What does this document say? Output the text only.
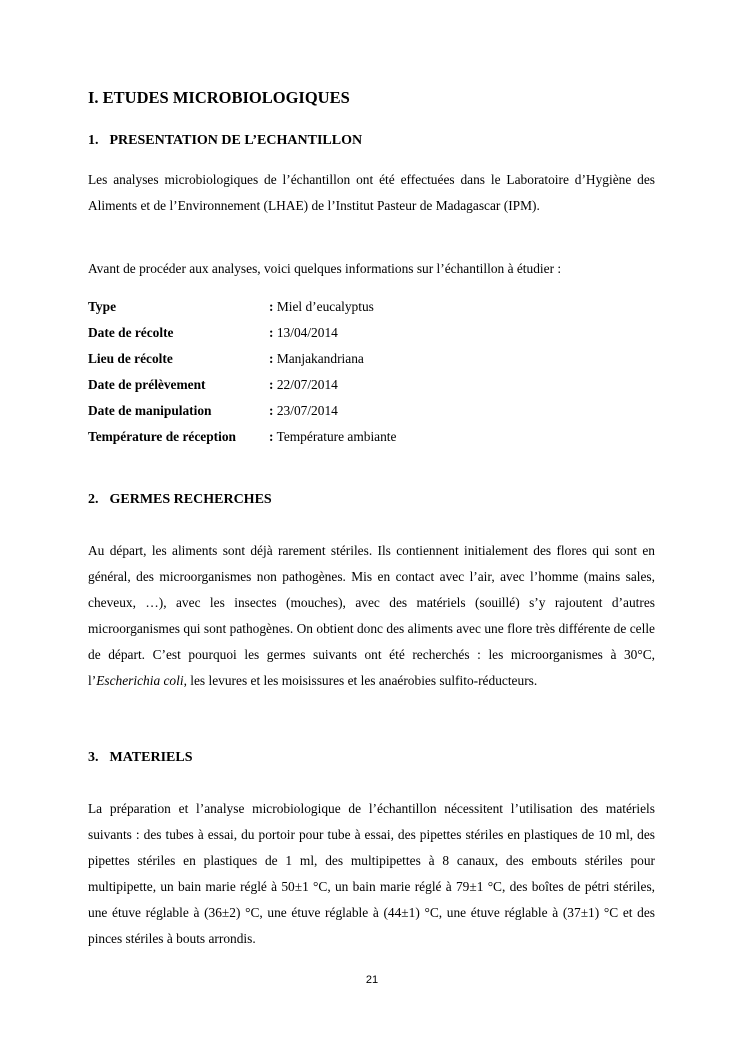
I. ETUDES MICROBIOLOGIQUES
1. PRESENTATION DE L’ECHANTILLON

Les analyses microbiologiques de l’échantillon ont été effectuées dans le Laboratoire d’Hygiène des Aliments et de l’Environnement (LHAE) de l’Institut Pasteur de Madagascar (IPM).

Avant de procéder aux analyses, voici quelques informations sur l’échantillon à étudier :

Type	: Miel d’eucalyptus
Date de récolte	: 13/04/2014
Lieu de récolte	: Manjakandriana
Date de prélèvement	: 22/07/2014
Date de manipulation	: 23/07/2014
Température de réception : Température ambiante
2. GERMES RECHERCHES

Au départ, les aliments sont déjà rarement stériles. Ils contiennent initialement des flores qui sont en général, des microorganismes non pathogènes. Mis en contact avec l’air, avec l’homme (mains sales, cheveux, …), avec les insectes (mouches), avec des matériels (souillé) s’y rajoutent d’autres microorganismes qui sont pathogènes. On obtient donc des aliments avec une flore très différente de celle de départ. C’est pourquoi les germes suivants ont été recherchés : les microorganismes à 30°C, l’Escherichia coli, les levures et les moisissures et les anaérobies sulfito-réducteurs.

3. MATERIELS

La préparation et l’analyse microbiologique de l’échantillon nécessitent l’utilisation des matériels suivants : des tubes à essai, du portoir pour tube à essai, des pipettes stériles en plastiques de 10 ml, des pipettes stériles en plastiques de 1 ml, des multipipettes à 8 canaux, des embouts stériles pour multipipette, un bain marie réglé à 50±1 °C, un bain marie réglé à 79±1 °C, des boîtes de pétri stériles, une étuve réglable à (36±2) °C, une étuve réglable à (44±1) °C, une étuve réglable à (37±1) °C et des pinces stériles à bouts arrondis.

21
